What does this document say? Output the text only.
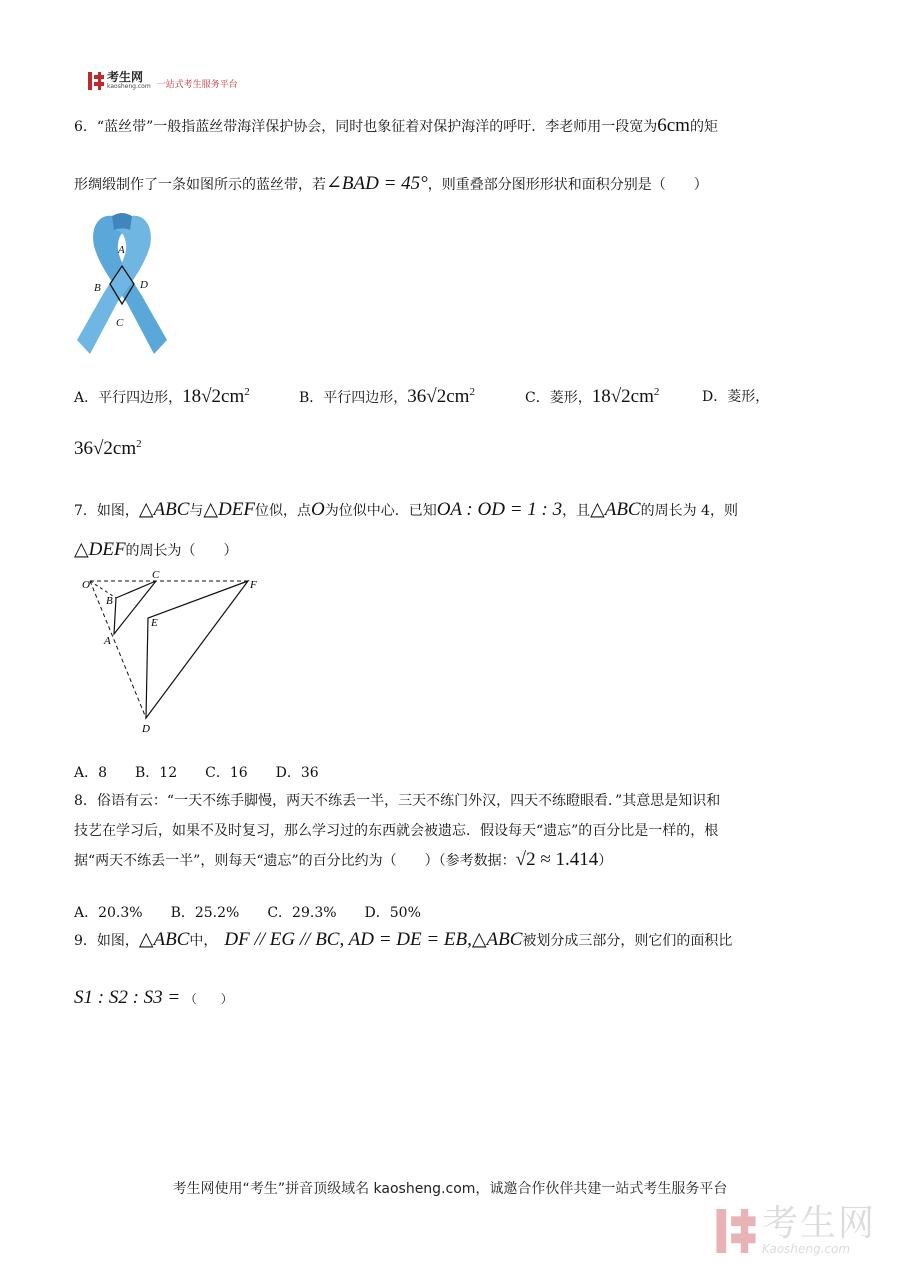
考生网
kaosheng.com 一站式考生服务平台
6．“蓝丝带”一般指蓝丝带海洋保护协会，同时也象征着对保护海洋的呼吁．李老师用一段宽为6cm的矩
形绸缎制作了一条如图所示的蓝丝带，若∠BAD = 45°，则重叠部分图形形状和面积分别是（　　）
A
B
C
D
A．平行四边形，$18√2cm^2$	B．平行四边形，$36√2cm^2$	C．菱形，$18√2cm^2$	D．菱形，
$36√2cm^2$
7．如图，△ABC与△DEF位似，点O为位似中心．已知OA : OD = 1 : 3，且△ABC的周长为 4，则
△DEF的周长为（　　）
O
C
F
B
E
A
D
A．8　　B．12　　C．16　　D．36
8．俗语有云：“一天不练手脚慢，两天不练丢一半，三天不练门外汉，四天不练瞪眼看．”其意思是知识和
技艺在学习后，如果不及时复习，那么学习过的东西就会被遗忘．假设每天“遗忘”的百分比是一样的，根
据“两天不练丢一半”，则每天“遗忘”的百分比约为（　　）（参考数据：√2 ≈ 1.414）
A．20.3%　　B．25.2%　　C．29.3%　　D．50%
9．如图，△ABC中，　 DF // EG // BC, AD = DE = EB,△ABC被划分成三部分，则它们的面积比
S1 : S2 : S3 = （　　）
考生网使用“考生”拼音顶级域名 kaosheng.com，诚邀合作伙伴共建一站式考生服务平台
考生网
Kaosheng.com
